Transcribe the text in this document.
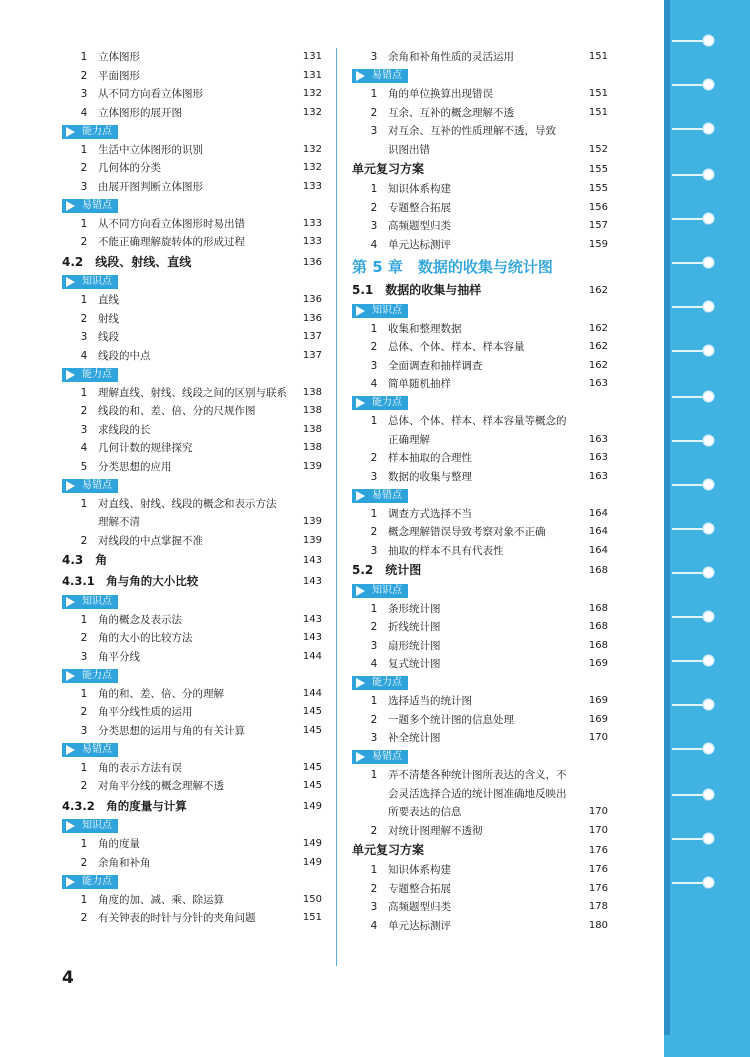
1 立体图形	131
2 平面图形	131
3 从不同方向看立体图形	132
4 立体图形的展开图	132
能力点
1 生活中立体图形的识别	132
2 几何体的分类	132
3 由展开图判断立体图形	133
易错点
1 从不同方向看立体图形时易出错	133
2 不能正确理解旋转体的形成过程	133
4.2　线段、射线、直线	136
知识点
1 直线	136
2 射线	136
3 线段	137
4 线段的中点	137
能力点
1 理解直线、射线、线段之间的区别与联系 138
2 线段的和、差、倍、分的尺规作图	138
3 求线段的长	138
4 几何计数的规律探究	138
5 分类思想的应用	139
易错点
1 对直线、射线、线段的概念和表示方法
理解不清	139
2 对线段的中点掌握不准	139
4.3　角	143
4.3.1　角与角的大小比较	143
知识点
1 角的概念及表示法	143
2 角的大小的比较方法	143
3 角平分线	144
能力点
1 角的和、差、倍、分的理解	144
2 角平分线性质的运用	145
3 分类思想的运用与角的有关计算	145
易错点
1 角的表示方法有误	145
2 对角平分线的概念理解不透	145
4.3.2　角的度量与计算	149
知识点
1 角的度量	149
2 余角和补角	149
能力点
1 角度的加、减、乘、除运算	150
2 有关钟表的时针与分针的夹角问题	151
3 余角和补角性质的灵活运用	151
易错点
1 角的单位换算出现错误	151
2 互余、互补的概念理解不透	151
3 对互余、互补的性质理解不透，导致
识图出错	152
单元复习方案	155
1 知识体系构建	155
2 专题整合拓展	156
3 高频题型归类	157
4 单元达标测评	159
第 5 章　数据的收集与统计图
5.1　数据的收集与抽样	162
知识点
1 收集和整理数据	162
2 总体、个体、样本、样本容量	162
3 全面调查和抽样调查	162
4 简单随机抽样	163
能力点
1 总体、个体、样本、样本容量等概念的
正确理解	163
2 样本抽取的合理性	163
3 数据的收集与整理	163
易错点
1 调查方式选择不当	164
2 概念理解错误导致考察对象不正确	164
3 抽取的样本不具有代表性	164
5.2　统计图	168
知识点
1 条形统计图	168
2 折线统计图	168
3 扇形统计图	168
4 复式统计图	169
能力点
1 选择适当的统计图	169
2 一题多个统计图的信息处理	169
3 补全统计图	170
易错点
1 弄不清楚各种统计图所表达的含义，不
会灵活选择合适的统计图准确地反映出
所要表达的信息	170
2 对统计图理解不透彻	170
单元复习方案	176
1 知识体系构建	176
2 专题整合拓展	176
3 高频题型归类	178
4 单元达标测评	180
4
